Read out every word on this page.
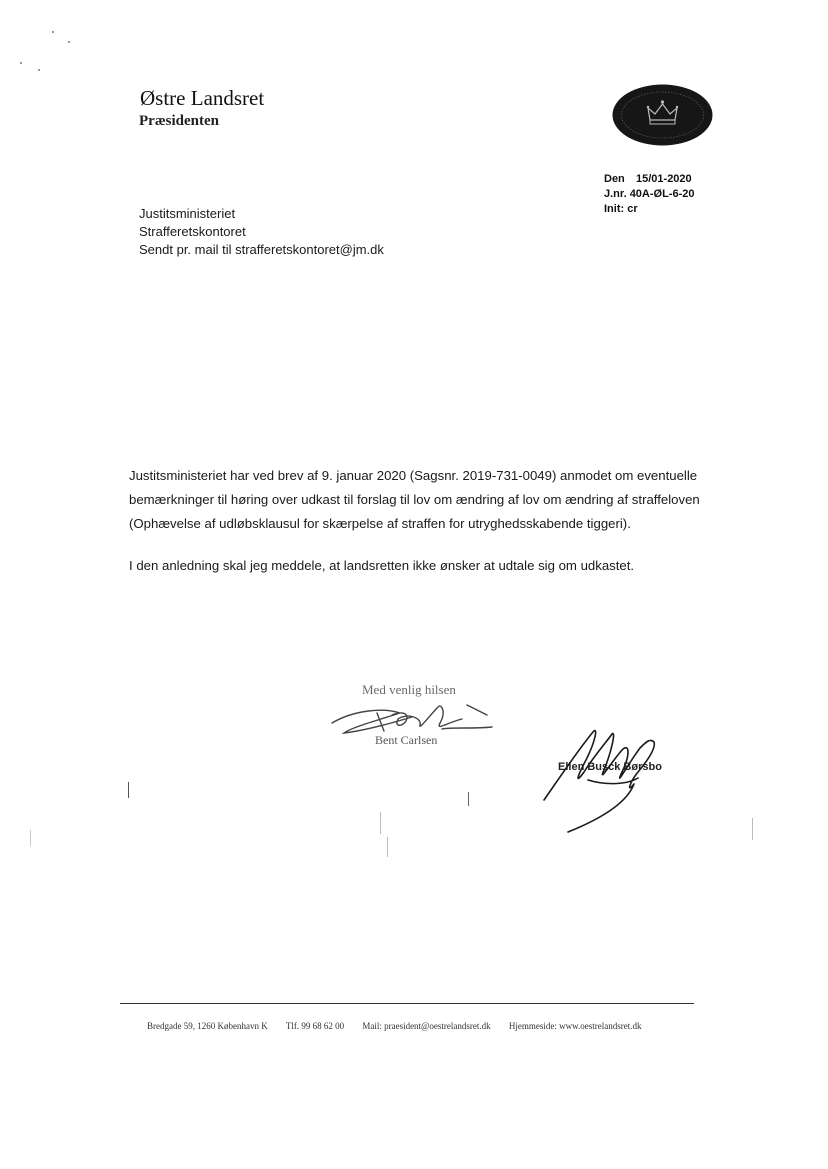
Østre Landsret
Præsidenten
Den 15/01-2020
J.nr. 40A-ØL-6-20
Init: cr
Justitsministeriet
Strafferetskontoret
Sendt pr. mail til strafferetskontoret@jm.dk

Justitsministeriet har ved brev af 9. januar 2020 (Sagsnr. 2019-731-0049) anmodet om eventuelle bemærkninger til høring over udkast til forslag til lov om ændring af lov om ændring af straffeloven (Ophævelse af udløbsklausul for skærpelse af straffen for utryghedsskabende tiggeri).

I den anledning skal jeg meddele, at landsretten ikke ønsker at udtale sig om udkastet.

Med venlig hilsen
Bent Carlsen
Ellen Busck Børsbo
Bredgade 59, 1260 København K Tlf. 99 68 62 00 Mail: praesident@oestrelandsret.dk Hjemmeside: www.oestrelandsret.dk
